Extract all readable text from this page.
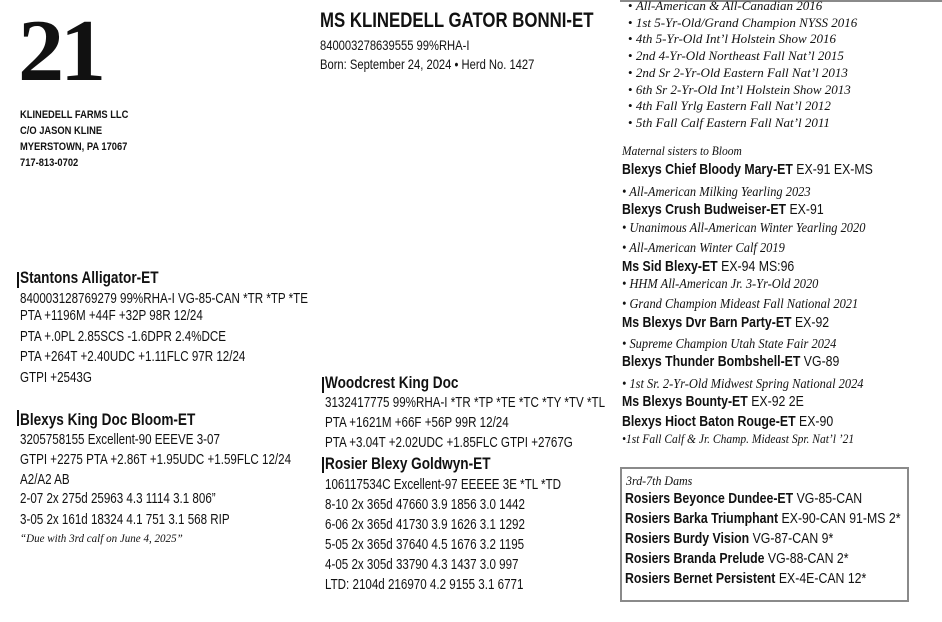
21
KLINEDELL FARMS LLC
C/O JASON KLINE
MYERSTOWN, PA 17067
717-813-0702
MS KLINEDELL GATOR BONNI-ET
840003278639555 99%RHA-I
Born: September 24, 2024 • Herd No. 1427
Stantons Alligator-ET
840003128769279 99%RHA-I VG-85-CAN *TR *TP *TE
PTA +1196M +44F +32P 98R 12/24
PTA +.0PL 2.85SCS -1.6DPR 2.4%DCE
PTA +264T +2.40UDC +1.11FLC 97R 12/24
GTPI +2543G
Blexys King Doc Bloom-ET
3205758155 Excellent-90 EEEVE 3-07
GTPI +2275 PTA +2.86T +1.95UDC +1.59FLC 12/24
A2/A2 AB
2-07 2x 275d 25963 4.3 1114 3.1 806”
3-05 2x 161d 18324 4.1 751 3.1 568 RIP
“Due with 3rd calf on June 4, 2025”
Woodcrest King Doc
3132417775 99%RHA-I *TR *TP *TE *TC *TY *TV *TL
PTA +1621M +66F +56P 99R 12/24
PTA +3.04T +2.02UDC +1.85FLC GTPI +2767G
Rosier Blexy Goldwyn-ET
106117534C Excellent-97 EEEEE 3E *TL *TD
8-10 2x 365d 47660 3.9 1856 3.0 1442
6-06 2x 365d 41730 3.9 1626 3.1 1292
5-05 2x 365d 37640 4.5 1676 3.2 1195
4-05 2x 305d 33790 4.3 1437 3.0 997
LTD: 2104d 216970 4.2 9155 3.1 6771
• All-American & All-Canadian 2016
• 1st 5-Yr-Old/Grand Champion NYSS 2016
• 4th 5-Yr-Old Int’l Holstein Show 2016
• 2nd 4-Yr-Old Northeast Fall Nat’l 2015
• 2nd Sr 2-Yr-Old Eastern Fall Nat’l 2013
• 6th Sr 2-Yr-Old Int’l Holstein Show 2013
• 4th Fall Yrlg Eastern Fall Nat’l 2012
• 5th Fall Calf Eastern Fall Nat’l 2011
Maternal sisters to Bloom
Blexys Chief Bloody Mary-ET EX-91 EX-MS
• All-American Milking Yearling 2023
Blexys Crush Budweiser-ET EX-91
• Unanimous All-American Winter Yearling 2020
• All-American Winter Calf 2019
Ms Sid Blexy-ET EX-94 MS:96
• HHM All-American Jr. 3-Yr-Old 2020
• Grand Champion Mideast Fall National 2021
Ms Blexys Dvr Barn Party-ET EX-92
• Supreme Champion Utah State Fair 2024
Blexys Thunder Bombshell-ET VG-89
• 1st Sr. 2-Yr-Old Midwest Spring National 2024
Ms Blexys Bounty-ET EX-92 2E
Blexys Hioct Baton Rouge-ET EX-90
•1st Fall Calf & Jr. Champ. Mideast Spr. Nat’l ’21
3rd-7th Dams
Rosiers Beyonce Dundee-ET VG-85-CAN
Rosiers Barka Triumphant EX-90-CAN 91-MS 2*
Rosiers Burdy Vision VG-87-CAN 9*
Rosiers Branda Prelude VG-88-CAN 2*
Rosiers Bernet Persistent EX-4E-CAN 12*
